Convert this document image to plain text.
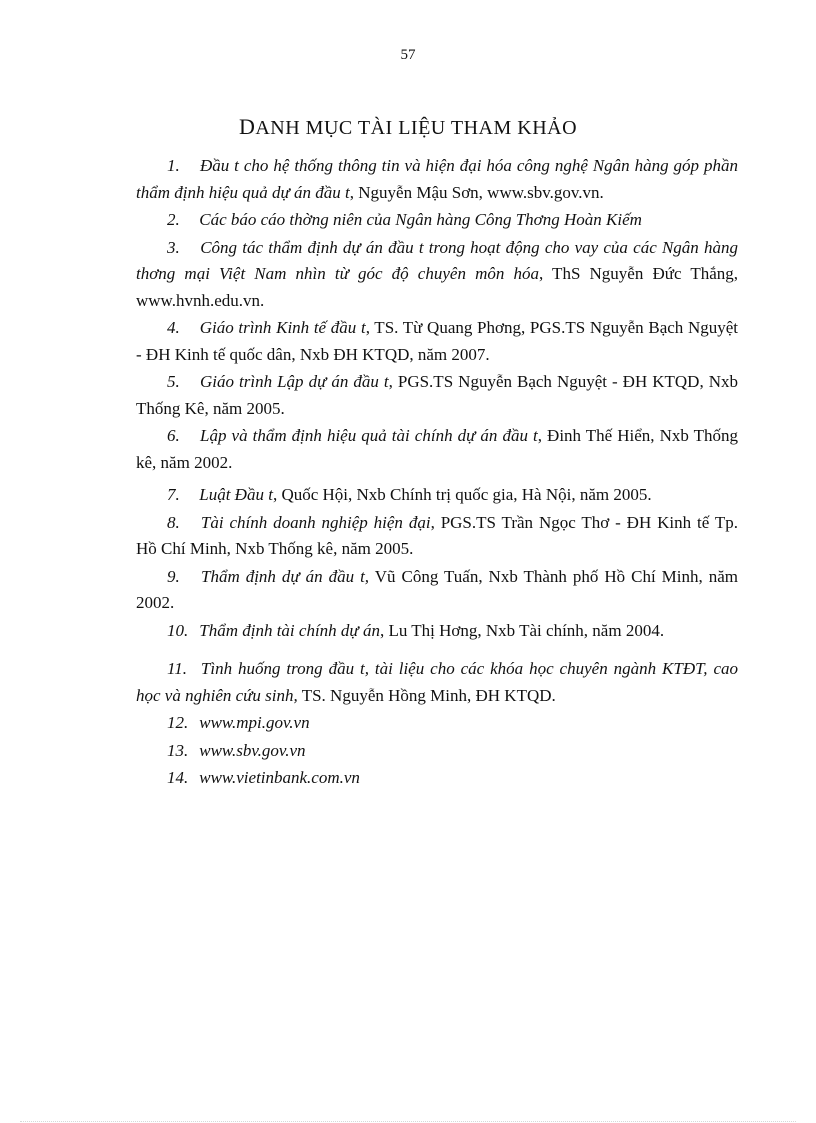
57
DANH MỤC TÀI LIỆU THAM KHẢO

1. Đầu t cho hệ thống thông tin và hiện đại hóa công nghệ Ngân hàng góp phần thẩm định hiệu quả dự án đầu t, Nguyễn Mậu Sơn, www.sbv.gov.vn.

2. Các báo cáo thờng niên của Ngân hàng Công Thơng Hoàn Kiếm

3. Công tác thẩm định dự án đầu t trong hoạt động cho vay của các Ngân hàng thơng mại Việt Nam nhìn từ góc độ chuyên môn hóa, ThS Nguyễn Đức Thắng, www.hvnh.edu.vn.

4. Giáo trình Kinh tế đầu t, TS. Từ Quang Phơng, PGS.TS Nguyễn Bạch Nguyệt - ĐH Kinh tế quốc dân, Nxb ĐH KTQD, năm 2007.

5. Giáo trình Lập dự án đầu t, PGS.TS Nguyễn Bạch Nguyệt - ĐH KTQD, Nxb Thống Kê, năm 2005.

6. Lập và thẩm định hiệu quả tài chính dự án đầu t, Đinh Thế Hiển, Nxb Thống kê, năm 2002.

7. Luật Đầu t, Quốc Hội, Nxb Chính trị quốc gia, Hà Nội, năm 2005.

8. Tài chính doanh nghiệp hiện đại, PGS.TS Trần Ngọc Thơ - ĐH Kinh tế Tp. Hồ Chí Minh, Nxb Thống kê, năm 2005.

9. Thẩm định dự án đầu t, Vũ Công Tuấn, Nxb Thành phố Hồ Chí Minh, năm 2002.

10. Thẩm định tài chính dự án, Lu Thị Hơng, Nxb Tài chính, năm 2004.

11. Tình huống trong đầu t, tài liệu cho các khóa học chuyên ngành KTĐT, cao học và nghiên cứu sinh, TS. Nguyễn Hồng Minh, ĐH KTQD.

12. www.mpi.gov.vn

13. www.sbv.gov.vn

14. www.vietinbank.com.vn
